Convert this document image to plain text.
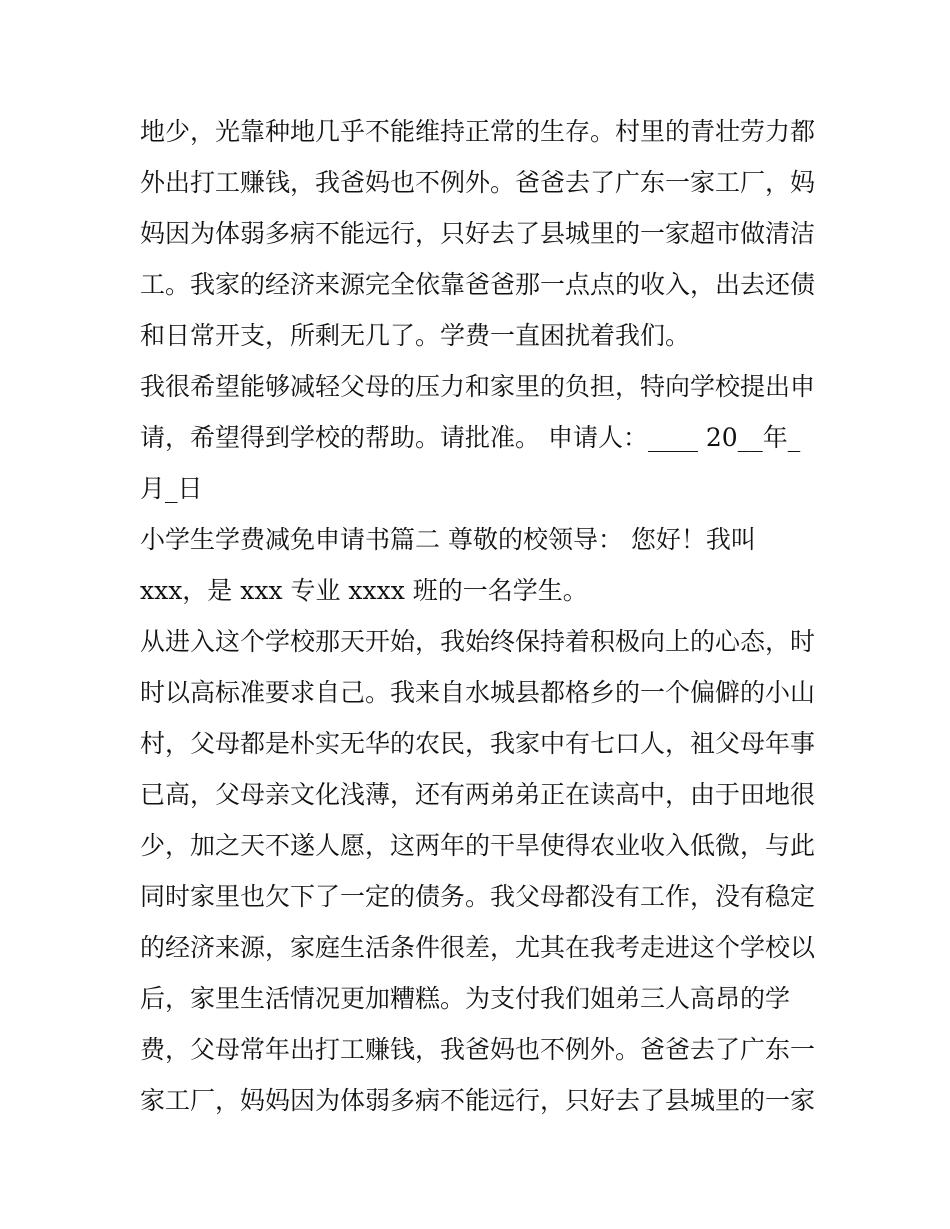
地少，光靠种地几乎不能维持正常的生存。村里的青壮劳力都
外出打工赚钱，我爸妈也不例外。爸爸去了广东一家工厂，妈
妈因为体弱多病不能远行，只好去了县城里的一家超市做清洁
工。我家的经济来源完全依靠爸爸那一点点的收入，出去还债
和日常开支，所剩无几了。学费一直困扰着我们。
我很希望能够减轻父母的压力和家里的负担，特向学校提出申
请，希望得到学校的帮助。请批准。 申请人：____ 20__年_
月_日
小学生学费减免申请书篇二 尊敬的校领导： 您好！我叫
xxx，是 xxx 专业 xxxx 班的一名学生。
从进入这个学校那天开始，我始终保持着积极向上的心态，时
时以高标准要求自己。我来自水城县都格乡的一个偏僻的小山
村，父母都是朴实无华的农民，我家中有七口人，祖父母年事
已高，父母亲文化浅薄，还有两弟弟正在读高中，由于田地很
少，加之天不遂人愿，这两年的干旱使得农业收入低微，与此
同时家里也欠下了一定的债务。我父母都没有工作，没有稳定
的经济来源，家庭生活条件很差，尤其在我考走进这个学校以
后，家里生活情况更加糟糕。为支付我们姐弟三人高昂的学
费，父母常年出打工赚钱，我爸妈也不例外。爸爸去了广东一
家工厂，妈妈因为体弱多病不能远行，只好去了县城里的一家
